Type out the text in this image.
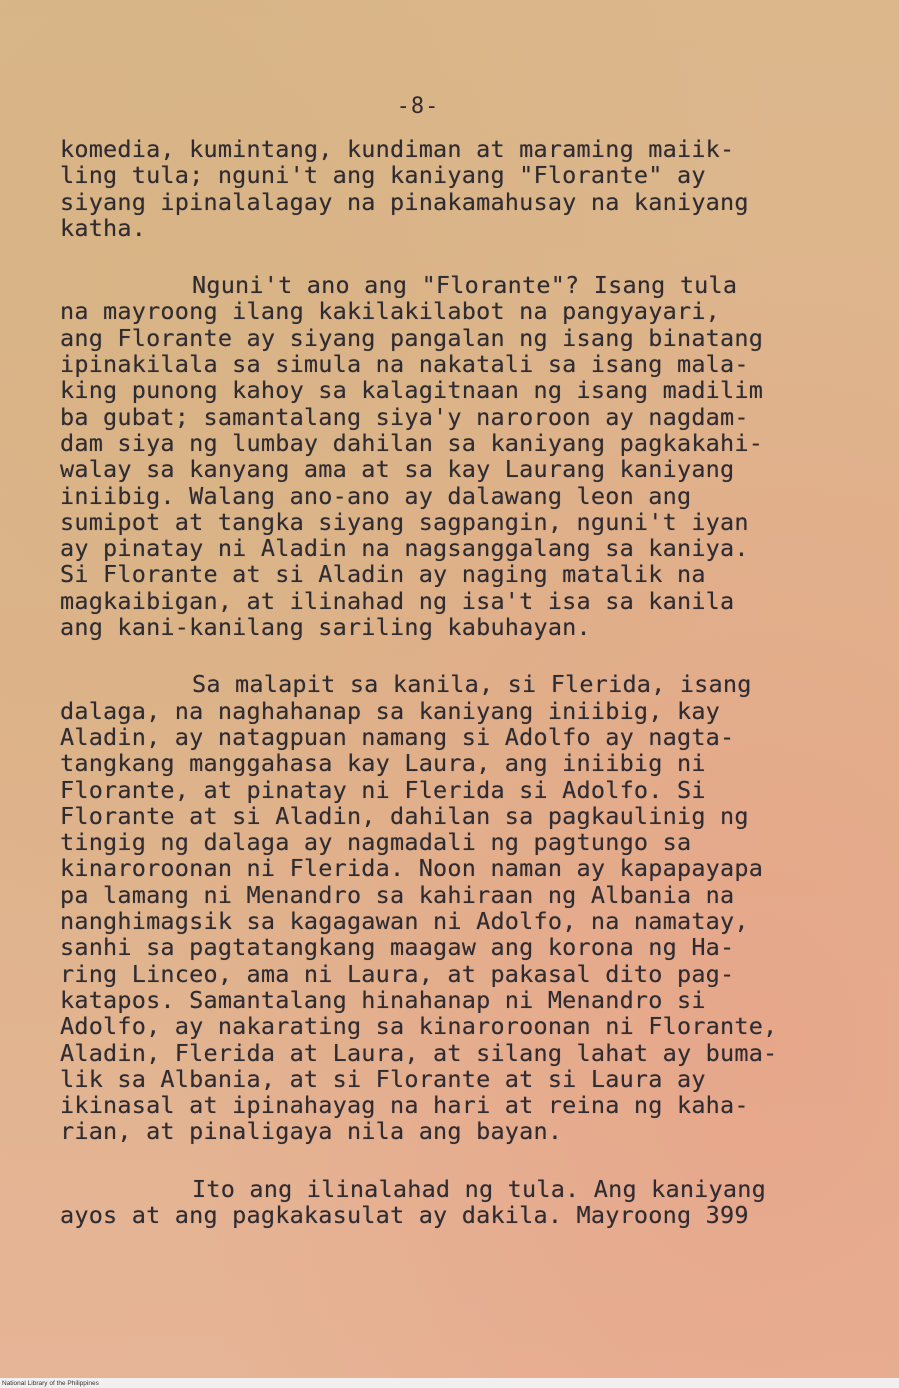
-8-
komedia, kumintang, kundiman at maraming maiik-
ling tula; nguni't ang kaniyang "Florante" ay
siyang ipinalalagay na pinakamahusay na kaniyang
katha.
Nguni't ano ang "Florante"? Isang tula
na mayroong ilang kakilakilabot na pangyayari,
ang Florante ay siyang pangalan ng isang binatang
ipinakilala sa simula na nakatali sa isang mala-
king punong kahoy sa kalagitnaan ng isang madilim
ba gubat; samantalang siya'y naroroon ay nagdam-
dam siya ng lumbay dahilan sa kaniyang pagkakahi-
walay sa kanyang ama at sa kay Laurang kaniyang
iniibig. Walang ano-ano ay dalawang leon ang
sumipot at tangka siyang sagpangin, nguni't iyan
ay pinatay ni Aladin na nagsanggalang sa kaniya.
Si Florante at si Aladin ay naging matalik na
magkaibigan, at ilinahad ng isa't isa sa kanila
ang kani-kanilang sariling kabuhayan.
Sa malapit sa kanila, si Flerida, isang
dalaga, na naghahanap sa kaniyang iniibig, kay
Aladin, ay natagpuan namang si Adolfo ay nagta-
tangkang manggahasa kay Laura, ang iniibig ni
Florante, at pinatay ni Flerida si Adolfo. Si
Florante at si Aladin, dahilan sa pagkaulinig ng
tingig ng dalaga ay nagmadali ng pagtungo sa
kinaroroonan ni Flerida. Noon naman ay kapapayapa
pa lamang ni Menandro sa kahiraan ng Albania na
nanghimagsik sa kagagawan ni Adolfo, na namatay,
sanhi sa pagtatangkang maagaw ang korona ng Ha-
ring Linceo, ama ni Laura, at pakasal dito pag-
katapos. Samantalang hinahanap ni Menandro si
Adolfo, ay nakarating sa kinaroroonan ni Florante,
Aladin, Flerida at Laura, at silang lahat ay buma-
lik sa Albania, at si Florante at si Laura ay
ikinasal at ipinahayag na hari at reina ng kaha-
rian, at pinaligaya nila ang bayan.
Ito ang ilinalahad ng tula. Ang kaniyang
ayos at ang pagkakasulat ay dakila. Mayroong 399
National Library of the Philippines
